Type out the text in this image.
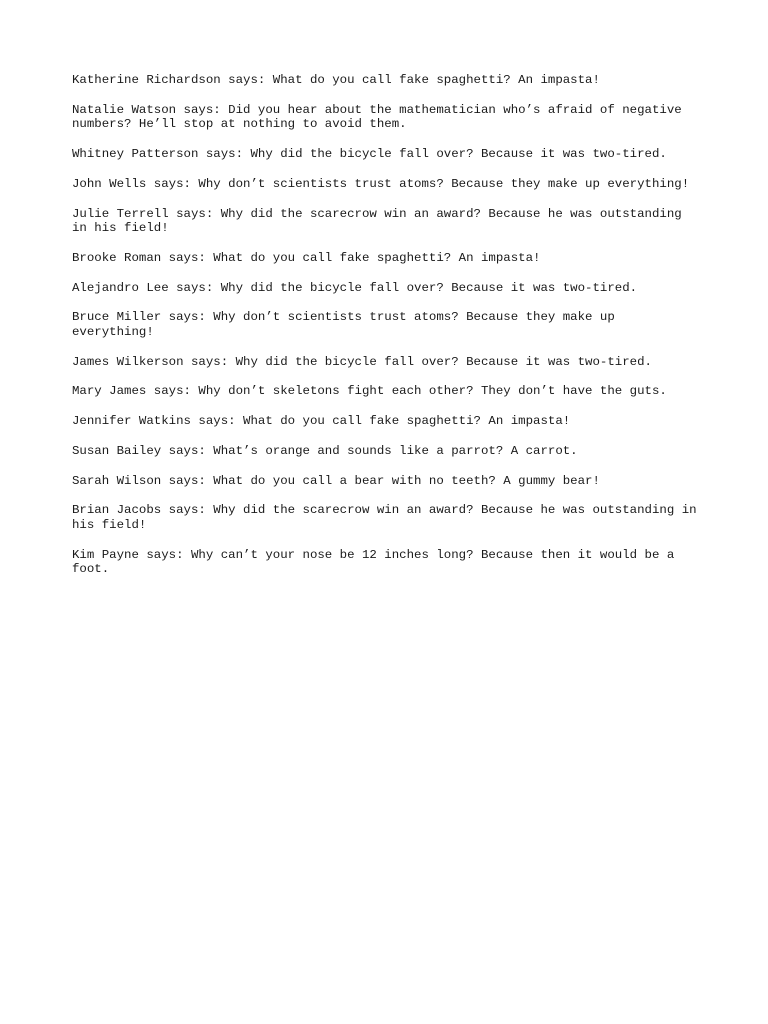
Katherine Richardson says: What do you call fake spaghetti? An impasta!

Natalie Watson says: Did you hear about the mathematician who’s afraid of negative numbers? He’ll stop at nothing to avoid them.

Whitney Patterson says: Why did the bicycle fall over? Because it was two-tired.

John Wells says: Why don’t scientists trust atoms? Because they make up everything!

Julie Terrell says: Why did the scarecrow win an award? Because he was outstanding in his field!

Brooke Roman says: What do you call fake spaghetti? An impasta!

Alejandro Lee says: Why did the bicycle fall over? Because it was two-tired.

Bruce Miller says: Why don’t scientists trust atoms? Because they make up everything!

James Wilkerson says: Why did the bicycle fall over? Because it was two-tired.

Mary James says: Why don’t skeletons fight each other? They don’t have the guts.

Jennifer Watkins says: What do you call fake spaghetti? An impasta!

Susan Bailey says: What’s orange and sounds like a parrot? A carrot.

Sarah Wilson says: What do you call a bear with no teeth? A gummy bear!

Brian Jacobs says: Why did the scarecrow win an award? Because he was outstanding in his field!

Kim Payne says: Why can’t your nose be 12 inches long? Because then it would be a foot.
